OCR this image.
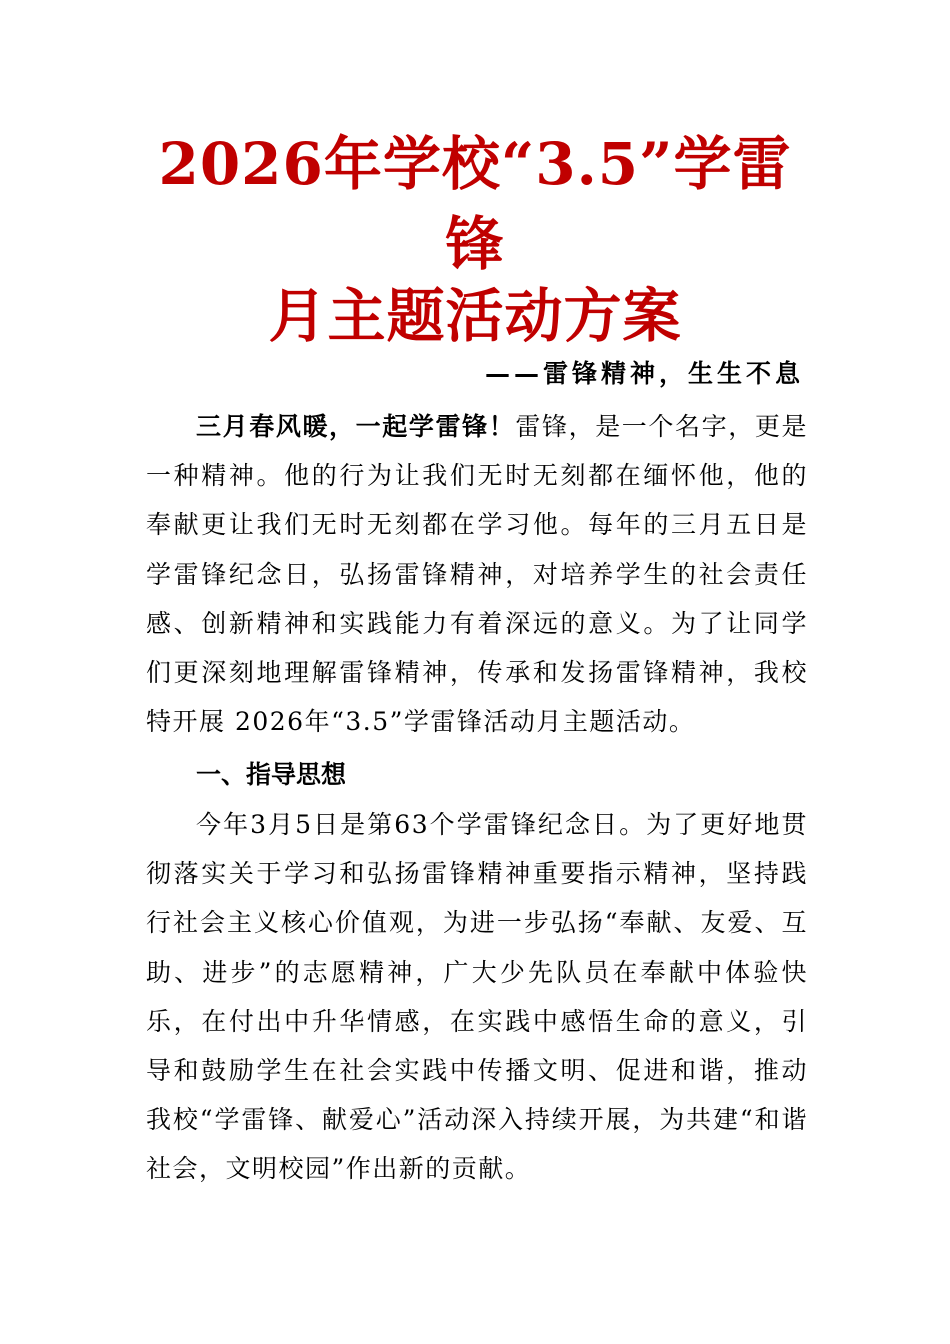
2026年学校“3.5”学雷
锋
月主题活动方案
——雷锋精神，生生不息
三月春风暖，一起学雷锋！雷锋，是一个名字，更是一种精神。他的行为让我们无时无刻都在缅怀他，他的奉献更让我们无时无刻都在学习他。每年的三月五日是学雷锋纪念日，弘扬雷锋精神，对培养学生的社会责任感、创新精神和实践能力有着深远的意义。为了让同学们更深刻地理解雷锋精神，传承和发扬雷锋精神，我校特开展 2026年“3.5”学雷锋活动月主题活动。
一、指导思想
今年3月5日是第63个学雷锋纪念日。为了更好地贯彻落实关于学习和弘扬雷锋精神重要指示精神，坚持践行社会主义核心价值观，为进一步弘扬“奉献、友爱、互助、进步”的志愿精神，广大少先队员在奉献中体验快乐，在付出中升华情感，在实践中感悟生命的意义，引导和鼓励学生在社会实践中传播文明、促进和谐，推动我校“学雷锋、献爱心”活动深入持续开展，为共建“和谐社会，文明校园”作出新的贡献。
